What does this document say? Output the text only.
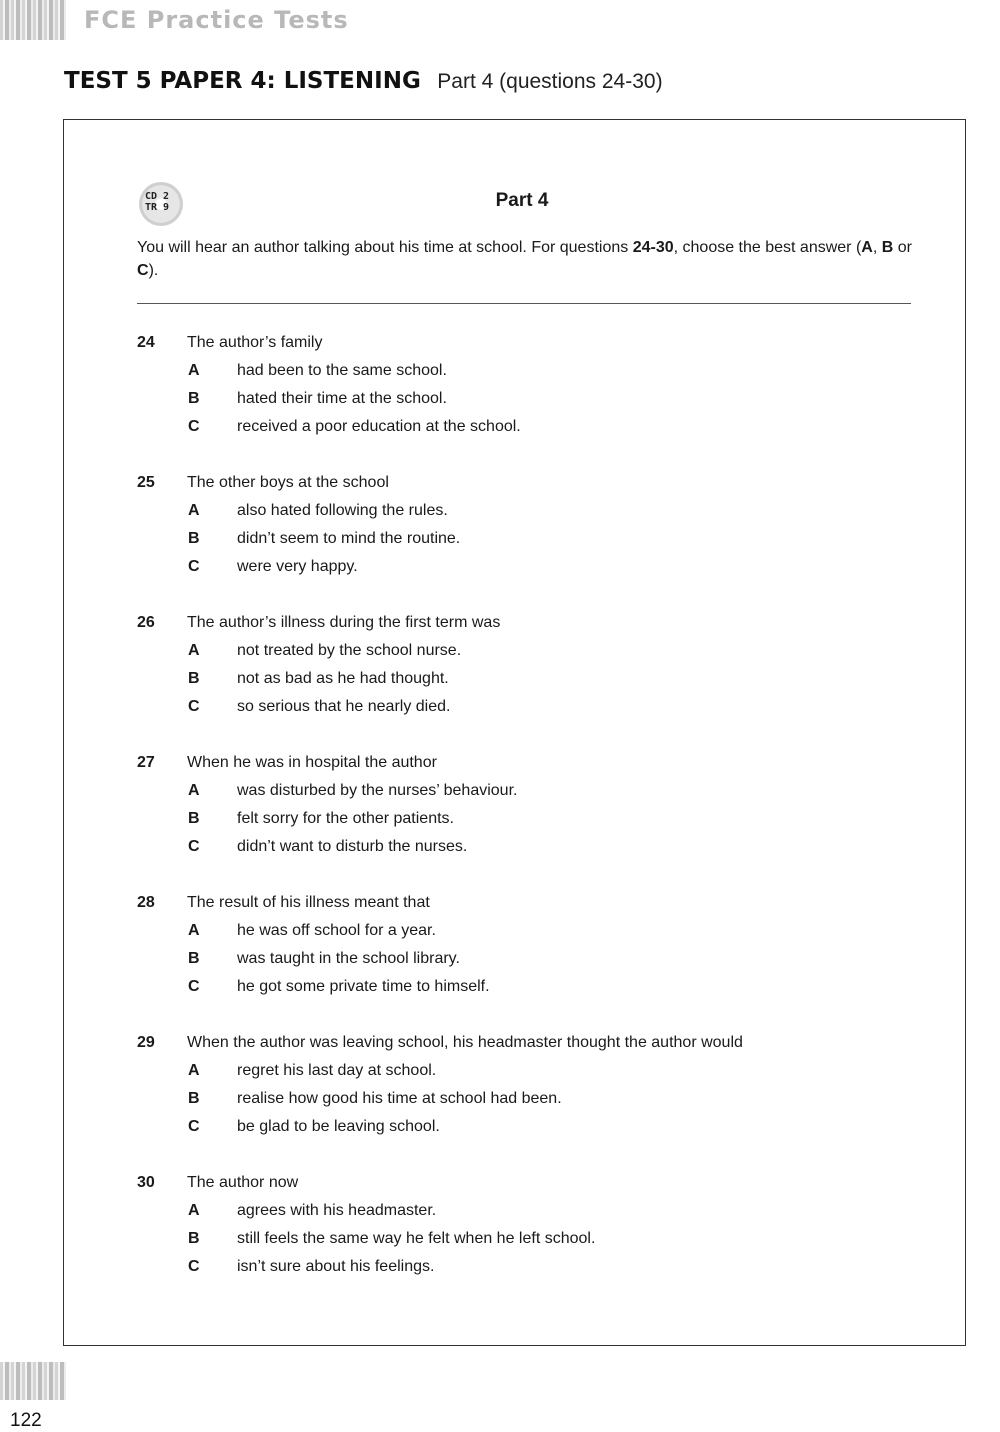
FCE Practice Tests
TEST 5 PAPER 4: LISTENING Part 4 (questions 24-30)
CD 2
TR 9	Part 4
You will hear an author talking about his time at school. For questions 24-30, choose the best answer (A, B or C).
24 The author’s family
A had been to the same school.
B hated their time at the school.
C received a poor education at the school.
25 The other boys at the school
A also hated following the rules.
B didn’t seem to mind the routine.
C were very happy.
26 The author’s illness during the first term was
A not treated by the school nurse.
B not as bad as he had thought.
C so serious that he nearly died.
27 When he was in hospital the author
A was disturbed by the nurses’ behaviour.
B felt sorry for the other patients.
C didn’t want to disturb the nurses.
28 The result of his illness meant that
A he was off school for a year.
B was taught in the school library.
C he got some private time to himself.
29 When the author was leaving school, his headmaster thought the author would
A regret his last day at school.
B realise how good his time at school had been.
C be glad to be leaving school.
30 The author now
A agrees with his headmaster.
B still feels the same way he felt when he left school.
C isn’t sure about his feelings.
122
